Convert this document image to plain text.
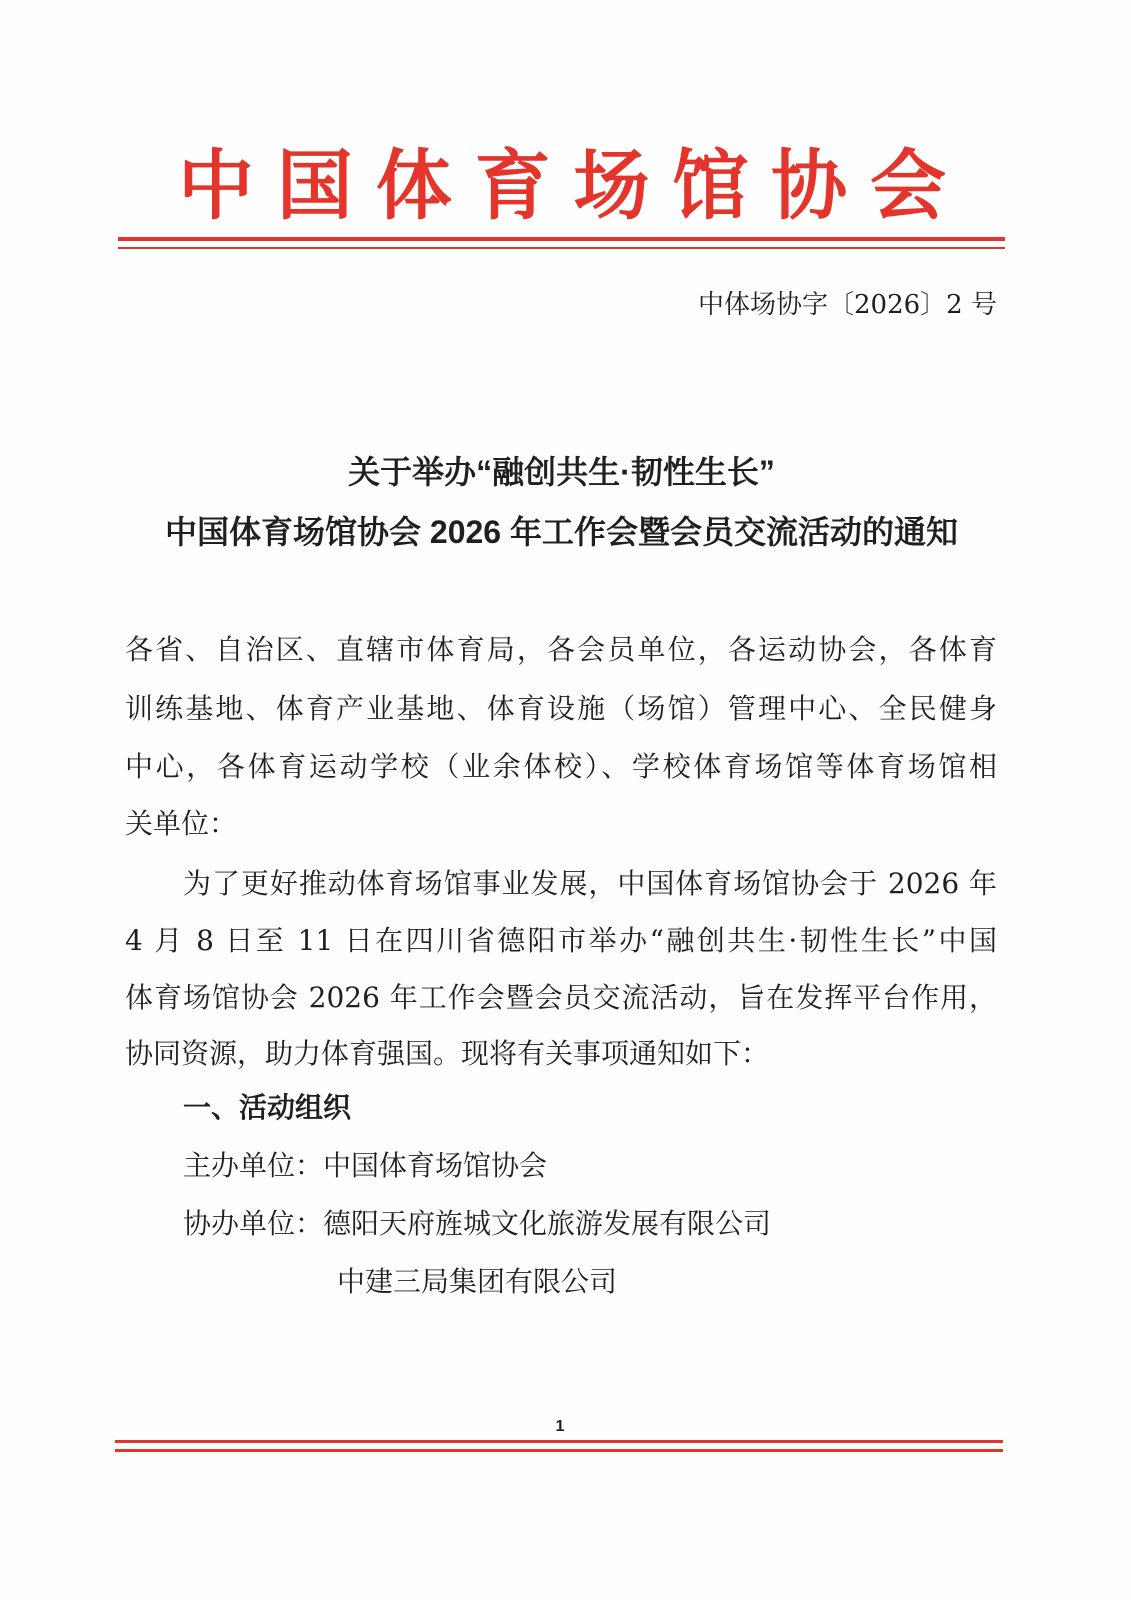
中国体育场馆协会
中体场协字〔2026〕2 号
关于举办“融创共生·韧性生长”
中国体育场馆协会 2026 年工作会暨会员交流活动的通知
各省、自治区、直辖市体育局，各会员单位，各运动协会，各体育
训练基地、体育产业基地、体育设施（场馆）管理中心、全民健身
中心，各体育运动学校（业余体校）、学校体育场馆等体育场馆相
关单位：
为了更好推动体育场馆事业发展，中国体育场馆协会于 2026 年
4 月 8 日至 11 日在四川省德阳市举办“融创共生·韧性生长”中国
体育场馆协会 2026 年工作会暨会员交流活动，旨在发挥平台作用，
协同资源，助力体育强国。现将有关事项通知如下：
一、活动组织
主办单位：中国体育场馆协会
协办单位：德阳天府旌城文化旅游发展有限公司
中建三局集团有限公司
1
